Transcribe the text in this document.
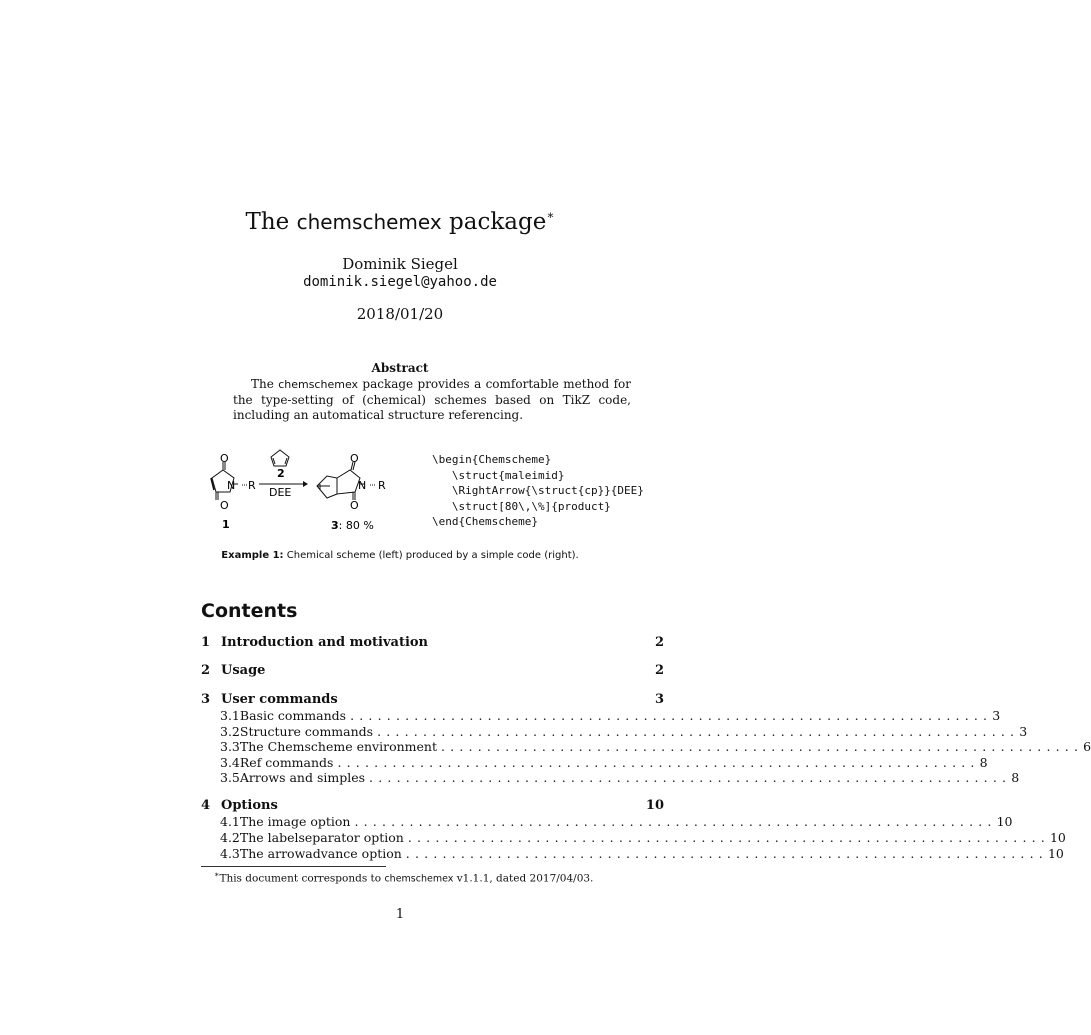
The chemschemex package∗
Dominik Siegel
dominik.siegel@yahoo.de
2018/01/20
Abstract
The chemschemex package provides a comfortable method for the type-setting of (chemical) schemes based on TikZ code, including an automatical structure referencing.
O
O
N R
1
2
DEE
O
O
N R
3: 80 %
\begin{Chemscheme}
\struct{maleimid}
\RightArrow{\struct{cp}}{DEE}
\struct[80\,\%]{product}
\end{Chemscheme}
Example 1: Chemical scheme (left) produced by a simple code (right).
Contents
1 Introduction and motivation	2
2 Usage	2
3 User commands	3
3.1 Basic commands ...................................................................... 3
3.2 Structure commands ...................................................................... 3
3.3 The Chemscheme environment ...................................................................... 6
3.4 Ref commands ...................................................................... 8
3.5 Arrows and simples ...................................................................... 8
4 Options	10
4.1 The image option ...................................................................... 10
4.2 The labelseparator option ...................................................................... 10
4.3 The arrowadvance option ...................................................................... 10
∗This document corresponds to chemschemex v1.1.1, dated 2017/04/03.
1
